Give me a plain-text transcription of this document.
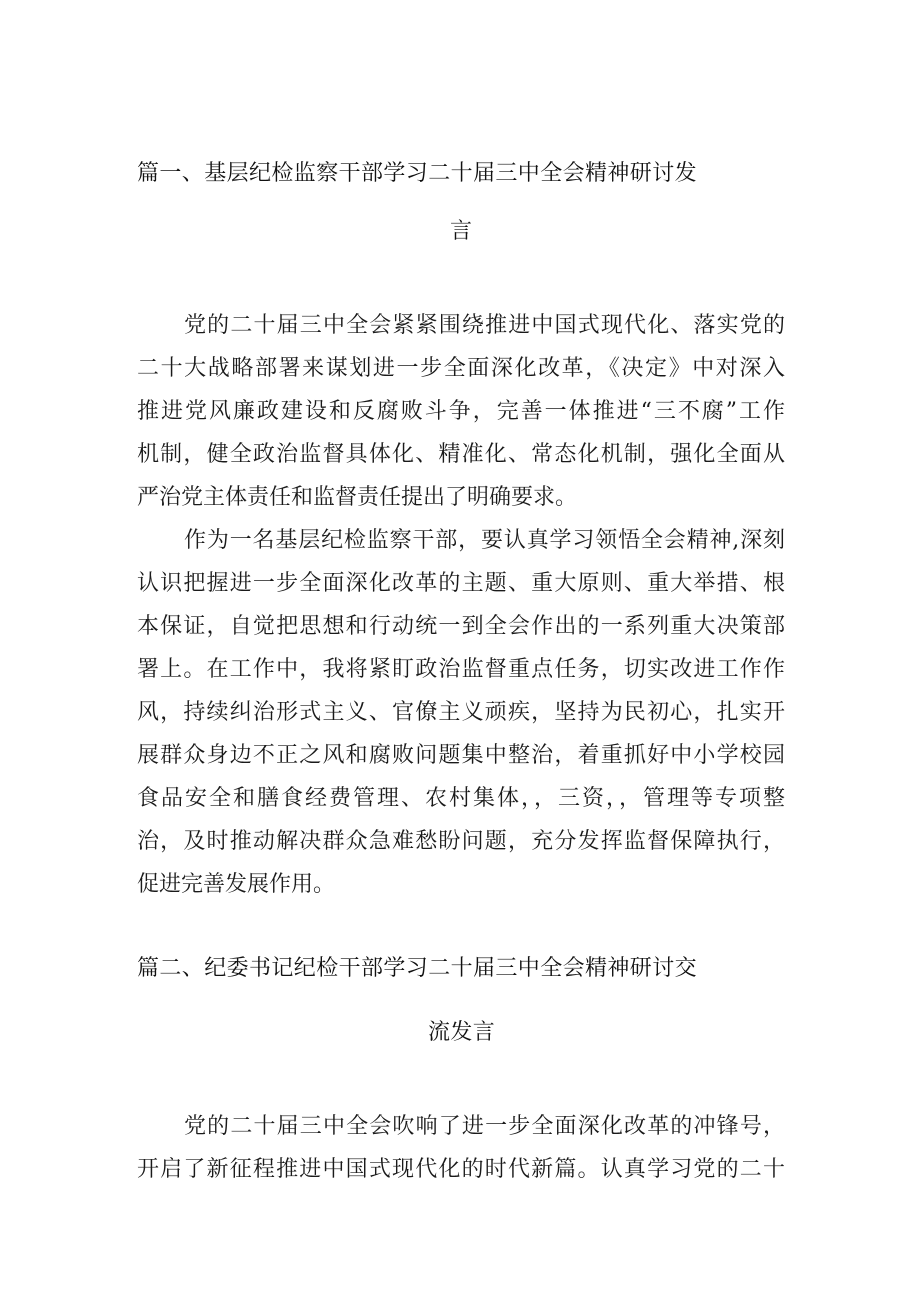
篇一、基层纪检监察干部学习二十届三中全会精神研讨发
言
党的二十届三中全会紧紧围绕推进中国式现代化、落实党的
二十大战略部署来谋划进一步全面深化改革，《决定》中对深入
推进党风廉政建设和反腐败斗争，完善一体推进“三不腐”工作
机制，健全政治监督具体化、精准化、常态化机制，强化全面从
严治党主体责任和监督责任提出了明确要求。
作为一名基层纪检监察干部，要认真学习领悟全会精神,深刻
认识把握进一步全面深化改革的主题、重大原则、重大举措、根
本保证，自觉把思想和行动统一到全会作出的一系列重大决策部
署上。在工作中，我将紧盯政治监督重点任务，切实改进工作作
风，持续纠治形式主义、官僚主义顽疾，坚持为民初心，扎实开
展群众身边不正之风和腐败问题集中整治，着重抓好中小学校园
食品安全和膳食经费管理、农村集体，，三资，，管理等专项整
治，及时推动解决群众急难愁盼问题，充分发挥监督保障执行，
促进完善发展作用。
篇二、纪委书记纪检干部学习二十届三中全会精神研讨交
流发言
党的二十届三中全会吹响了进一步全面深化改革的冲锋号，
开启了新征程推进中国式现代化的时代新篇。认真学习党的二十
